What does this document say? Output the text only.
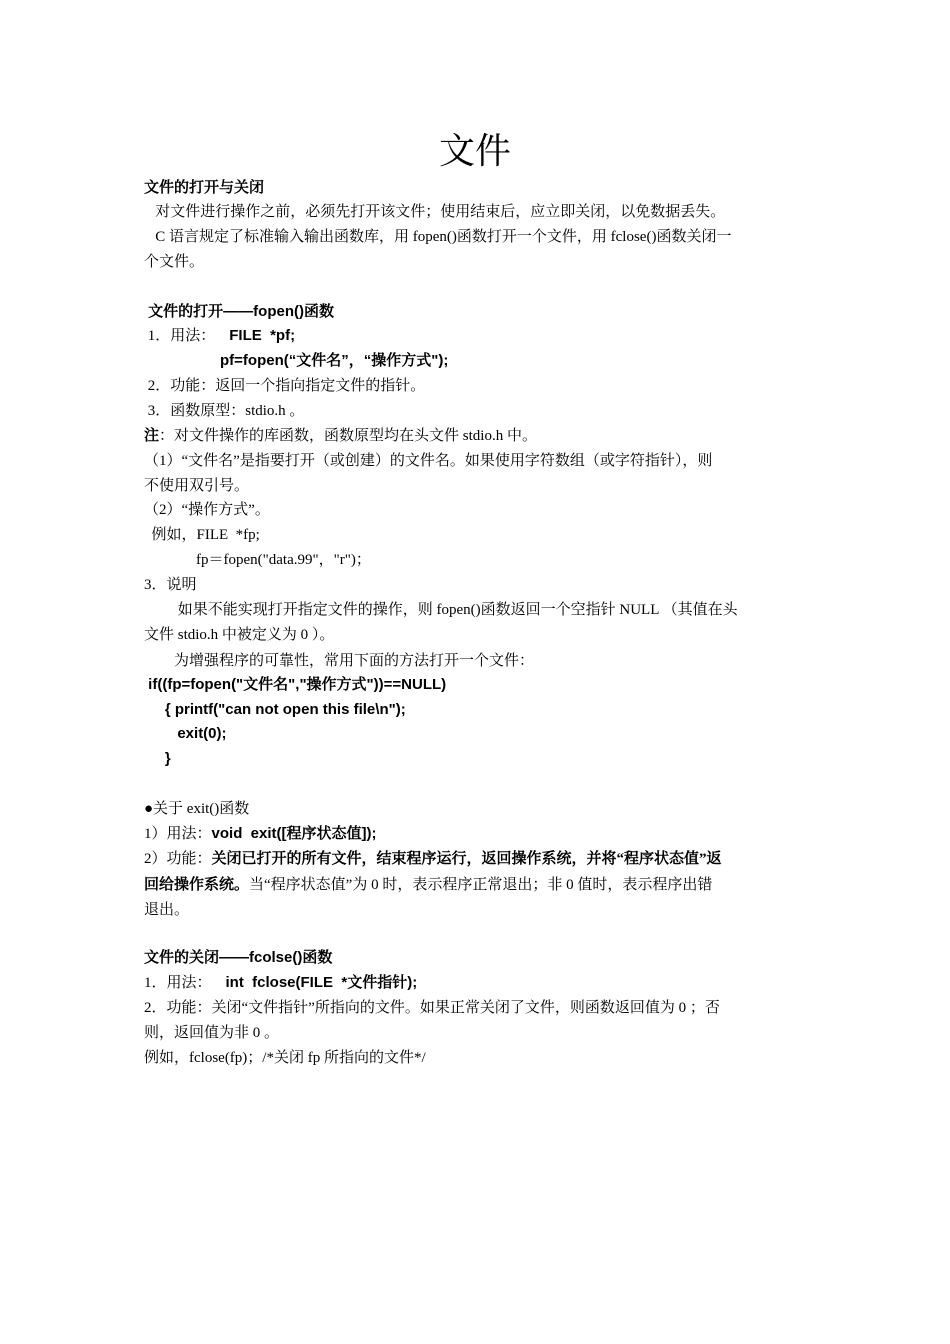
文件
文件的打开与关闭
对文件进行操作之前，必须先打开该文件；使用结束后，应立即关闭，以免数据丢失。
C 语言规定了标准输入输出函数库，用 fopen()函数打开一个文件，用 fclose()函数关闭一
个文件。
文件的打开——fopen()函数
1．用法： FILE  *pf;
pf=fopen(“文件名”，“操作方式");
2．功能：返回一个指向指定文件的指针。
3．函数原型：stdio.h 。
注：对文件操作的库函数，函数原型均在头文件 stdio.h 中。
（1）“文件名”是指要打开（或创建）的文件名。如果使用字符数组（或字符指针），则
不使用双引号。
（2）“操作方式”。
例如，FILE  *fp;
fp＝fopen("data.99"，"r")；
3．说明
如果不能实现打开指定文件的操作，则 fopen()函数返回一个空指针 NULL （其值在头
文件 stdio.h 中被定义为 0 ）。
为增强程序的可靠性，常用下面的方法打开一个文件：
if((fp=fopen("文件名","操作方式"))==NULL)
{ printf("can not open this file\n");
exit(0);
}
●关于 exit()函数
1）用法：void  exit([程序状态值]);
2）功能：关闭已打开的所有文件，结束程序运行，返回操作系统，并将“程序状态值”返
回给操作系统。当“程序状态值”为 0 时，表示程序正常退出；非 0 值时，表示程序出错
退出。
文件的关闭——fcolse()函数
1．用法： int  fclose(FILE  *文件指针);
2．功能：关闭“文件指针”所指向的文件。如果正常关闭了文件，则函数返回值为 0 ；否
则，返回值为非 0 。
例如，fclose(fp)；/*关闭 fp 所指向的文件*/
